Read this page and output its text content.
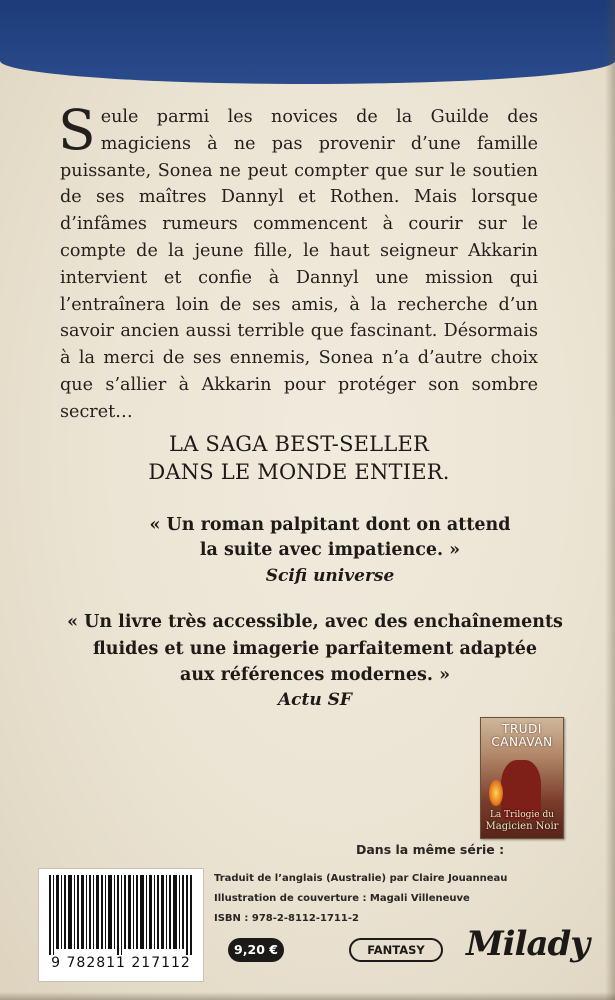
Seule parmi les novices de la Guilde des magiciens à ne pas provenir d’une famille puissante, Sonea ne peut compter que sur le soutien de ses maîtres Dannyl et Rothen. Mais lorsque d’infâmes rumeurs commencent à courir sur le compte de la jeune fille, le haut seigneur Akkarin intervient et confie à Dannyl une mission qui l’entraînera loin de ses amis, à la recherche d’un savoir ancien aussi terrible que fascinant. Désormais à la merci de ses ennemis, Sonea n’a d’autre choix que s’allier à Akkarin pour protéger son sombre secret…
LA SAGA BEST-SELLER
DANS LE MONDE ENTIER.
« Un roman palpitant dont on attend
la suite avec impatience. »
Scifi universe
« Un livre très accessible, avec des enchaînements
fluides et une imagerie parfaitement adaptée
aux références modernes. »
Actu SF
TRUDI
CANAVAN
La Trilogie du
Magicien Noir
Dans la même série :
9 782811 217112
Traduit de l’anglais (Australie) par Claire Jouanneau
Illustration de couverture : Magali Villeneuve
ISBN : 978-2-8112-1711-2
9,20 €	FANTASY	Milady
